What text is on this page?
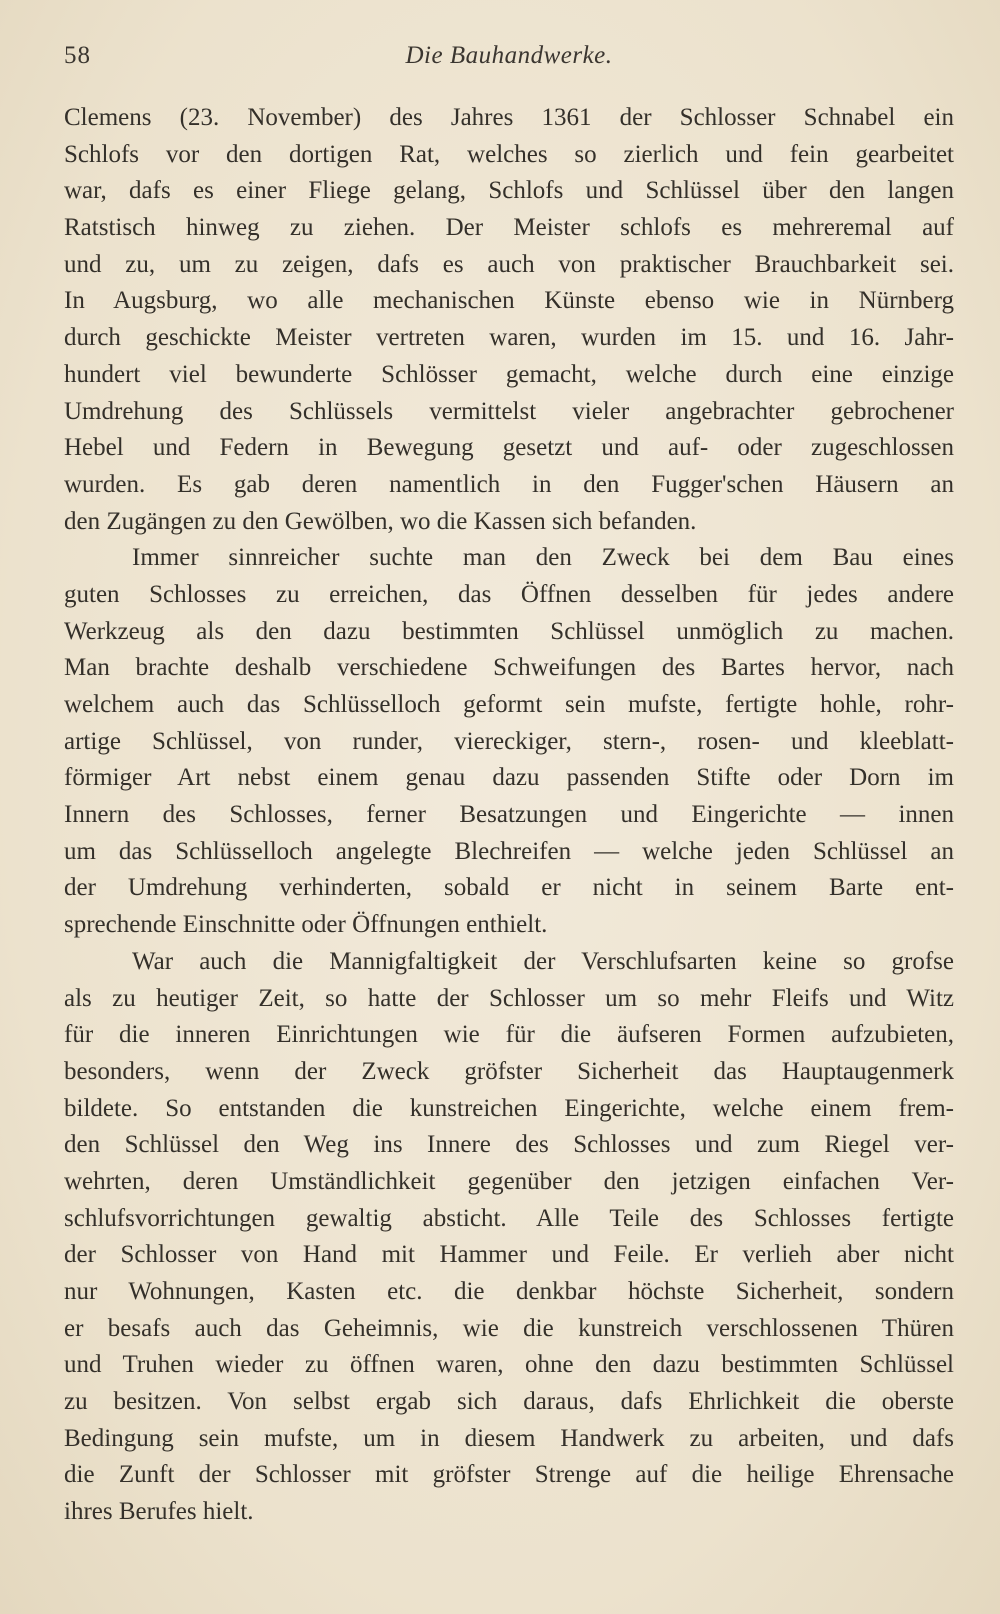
58	Die Bauhandwerke.
Clemens (23. November) des Jahres 1361 der Schlosser Schnabel ein
Schlofs vor den dortigen Rat, welches so zierlich und fein gearbeitet
war, dafs es einer Fliege gelang, Schlofs und Schlüssel über den langen
Ratstisch hinweg zu ziehen. Der Meister schlofs es mehreremal auf
und zu, um zu zeigen, dafs es auch von praktischer Brauchbarkeit sei.
In Augsburg, wo alle mechanischen Künste ebenso wie in Nürnberg
durch geschickte Meister vertreten waren, wurden im 15. und 16. Jahr-
hundert viel bewunderte Schlösser gemacht, welche durch eine einzige
Umdrehung des Schlüssels vermittelst vieler angebrachter gebrochener
Hebel und Federn in Bewegung gesetzt und auf- oder zugeschlossen
wurden. Es gab deren namentlich in den Fugger'schen Häusern an
den Zugängen zu den Gewölben, wo die Kassen sich befanden.
Immer sinnreicher suchte man den Zweck bei dem Bau eines
guten Schlosses zu erreichen, das Öffnen desselben für jedes andere
Werkzeug als den dazu bestimmten Schlüssel unmöglich zu machen.
Man brachte deshalb verschiedene Schweifungen des Bartes hervor, nach
welchem auch das Schlüsselloch geformt sein mufste, fertigte hohle, rohr-
artige Schlüssel, von runder, viereckiger, stern-, rosen- und kleeblatt-
förmiger Art nebst einem genau dazu passenden Stifte oder Dorn im
Innern des Schlosses, ferner Besatzungen und Eingerichte — innen
um das Schlüsselloch angelegte Blechreifen — welche jeden Schlüssel an
der Umdrehung verhinderten, sobald er nicht in seinem Barte ent-
sprechende Einschnitte oder Öffnungen enthielt.
War auch die Mannigfaltigkeit der Verschlufsarten keine so grofse
als zu heutiger Zeit, so hatte der Schlosser um so mehr Fleifs und Witz
für die inneren Einrichtungen wie für die äufseren Formen aufzubieten,
besonders, wenn der Zweck gröfster Sicherheit das Hauptaugenmerk
bildete. So entstanden die kunstreichen Eingerichte, welche einem frem-
den Schlüssel den Weg ins Innere des Schlosses und zum Riegel ver-
wehrten, deren Umständlichkeit gegenüber den jetzigen einfachen Ver-
schlufsvorrichtungen gewaltig absticht. Alle Teile des Schlosses fertigte
der Schlosser von Hand mit Hammer und Feile. Er verlieh aber nicht
nur Wohnungen, Kasten etc. die denkbar höchste Sicherheit, sondern
er besafs auch das Geheimnis, wie die kunstreich verschlossenen Thüren
und Truhen wieder zu öffnen waren, ohne den dazu bestimmten Schlüssel
zu besitzen. Von selbst ergab sich daraus, dafs Ehrlichkeit die oberste
Bedingung sein mufste, um in diesem Handwerk zu arbeiten, und dafs
die Zunft der Schlosser mit gröfster Strenge auf die heilige Ehrensache
ihres Berufes hielt.
